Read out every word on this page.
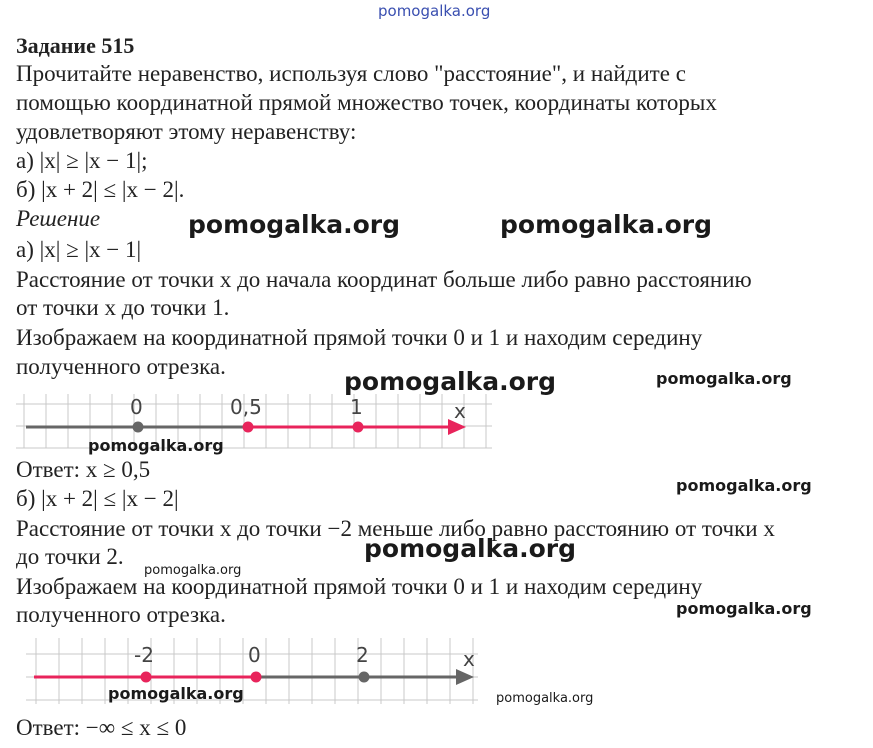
pomogalka.org
Задание 515
Прочитайте неравенство, используя слово "расстояние", и найдите с
помощью координатной прямой множество точек, координаты которых
удовлетворяют этому неравенству:
а) |x| ≥ |x − 1|;
б) |x + 2| ≤ |x − 2|.
Решение	pomogalka.org	pomogalka.org
а) |x| ≥ |x − 1|
Расстояние от точки x до начала координат больше либо равно расстоянию
от точки x до точки 1.
Изображаем на координатной прямой точки 0 и 1 и находим середину
полученного отрезка.
pomogalka.org	pomogalka.org
0	0,5	1	x
pomogalka.org
Ответ: x ≥ 0,5
б) |x + 2| ≤ |x − 2|
pomogalka.org
Расстояние от точки x до точки −2 меньше либо равно расстоянию от точки x
до точки 2.	pomogalka.org
pomogalka.org
Изображаем на координатной прямой точки 0 и 1 и находим середину
полученного отрезка.	pomogalka.org
-2	0	2	x
pomogalka.org	pomogalka.org
Ответ: −∞ ≤ x ≤ 0
